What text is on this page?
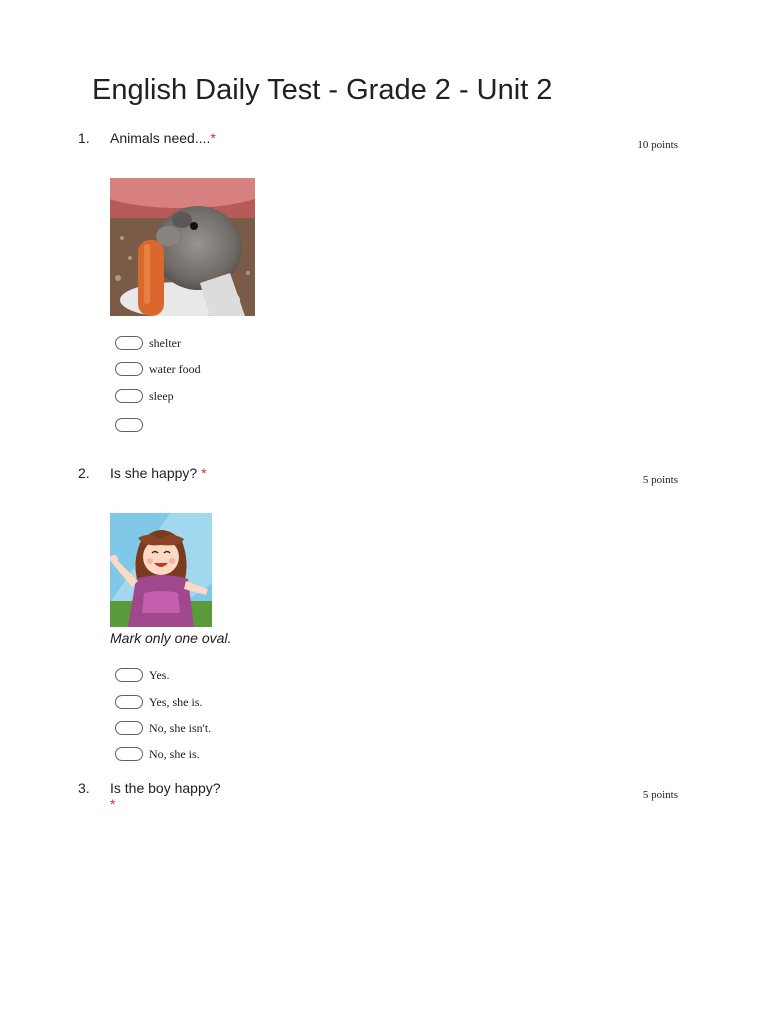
English Daily Test - Grade 2 - Unit 2
1. Animals need....*	10 points
shelter
water food
sleep
2. Is she happy? *	5 points
Mark only one oval.
Yes.
Yes, she is.
No, she isn't.
No, she is.
3. Is the boy happy?
*
5 points
